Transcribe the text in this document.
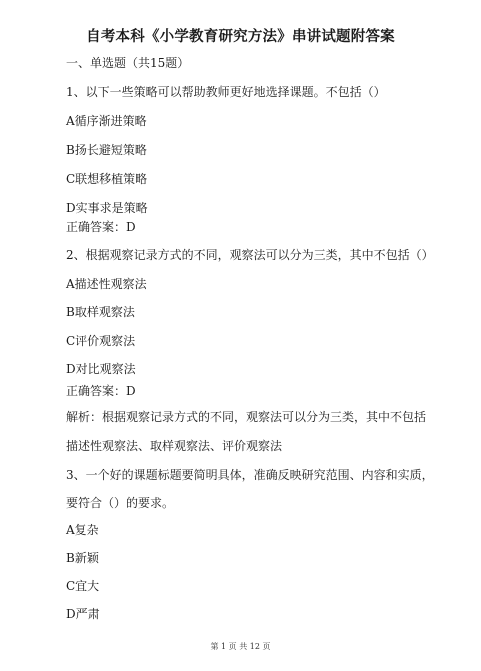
自考本科《小学教育研究方法》串讲试题附答案
一、单选题（共15题）
1、以下一些策略可以帮助教师更好地选择课题。不包括（）
A循序渐进策略
B扬长避短策略
C联想移植策略
D实事求是策略
正确答案：D
2、根据观察记录方式的不同，观察法可以分为三类，其中不包括（）
A描述性观察法
B取样观察法
C评价观察法
D对比观察法
正确答案：D
解析：根据观察记录方式的不同，观察法可以分为三类，其中不包括
描述性观察法、取样观察法、评价观察法
3、一个好的课题标题要简明具体，准确反映研究范围、内容和实质，
要符合（）的要求。
A复杂
B新颖
C宜大
D严肃
第 1 页 共 12 页
